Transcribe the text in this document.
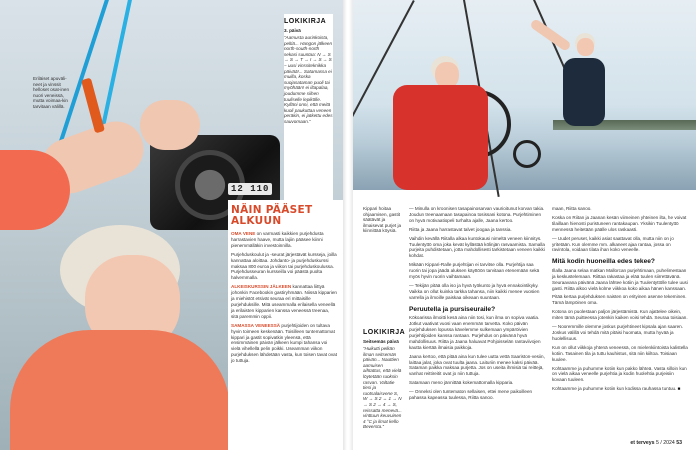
12 110
Eriläiset apuväli-neet ja vinssit helloset osat-inen nuori veneissä, mutta voimaa-kin tarvitaan välillä.
LOKIKIRJA
3. päivä
”Aamusta aurinkoista, peltiä... Hangon jälkeen north-south-north sekasi suuntaa: N → S → S → T → I → S → S − uusi vinssiteknikka päivää!... Satamassa ei muilla, koska suojasataman puoli tai myöhään! ei iltapalaa, joudumme siihen tuuliselle lepikölle. Kylläni onni, että meitä kuoli paukuttaa veneen peräkin, ei jatkettu edes sauvomaan.”
NÄIN PÄÄSET
ALKUUN

OMA VENE on varmasti kaikkien purjehdusta harrastavien haave, mutta lajiin pääsee kiinni pienemmälläkin investoinnilla.

Purjehduskoulut ja -seurat järjestävät kursseja, joilla kannattaa aloittaa. Johdanto- ja purjehduskurssi maksaa 800 euroa ja viikon tai purjehduskoulussa. Purjehdusseuran kursseilla voi päästä puolta halvemmalla.

ALKEISKURSSIN JÄLKEEN kannattaa liittyä johonkin Facebookin gastiryhmään. Niissä kipparien ja miehistöt etsivät seuraa eri mittaisille purjehduksille. Mitä useammalla erilaisella veneellä ja erilaisten kipparien kanssa veneessä treenaa, sitä paremmin oppii.

SAMASSA VENEESSÄ purjehtijoiden on tultava hyvin toimeen keskenään. Toisilleen tuntemattomat kippari ja gastit sopivatkin yleensä, että ensimmäinen päivän jälkeen kumpi tahansa voi vielä vihellellä pelin poikki. Useamman viikon purjehduksen lähdetään vasta, kun toisen tavat ovat jo tuttuja.

Kippari hoitaa ohjaamisen, gastit säätävät ja ilmaisevat purjet ja kiinnittää köysiä.
LOKIKIRJA
Seitsemäs päivä
”Huikutti pelkän ilman seitsemän päivän... Nauttien aamuisen aihtattus, että vielä löytetään ruoksin rasvan. Valtatie tiesi ja ruotsalaisvene S, W → S 2 ↔ 1 → N → S 2 → 4 → S, reissatta menevä... vinttuun keuvuinen 4 °C ja ilmat kello Beversta.”

— Minulla on kroonisen tasapainosarvan vaurioitunut korvan takia. Joudun treenaamaan tasapainoa tosissani kotona. Purjehtiminen on hyvä motivaatiopeli turhalta ajalle, Jaana kertoo.

Riitta ja Jaana harrastavat talvet joogaa ja tanssia.

Vaihdin kevällä Riitalla alkaa kuntokausi nimeltä veneen kiinnitys. Tuulentyttö oma joka kevät kyllästää kölinjän rasvaamista. Samalla purjeita puhdistetaan, jotta mahdollisesti tarkistetaan veneen kaikki kohdat.

Mikään Kippari-Ralle purjehtijan ei tarvitse olla. Purjehtija saa ruorin tai jopa jäädä aluksen käyttöön tarvitaan etenemään sekä myös hyvin ruorin vaihtamaan.

— Tekijän pitää olla iso ja hyvä työkunto ja hyvä ennakointikyky. Vaikka on ollut kuinka tarkka tahansa, niin kaikki menee vuosien varrella ja ilmoille paiskaa oikeaan suuntaan.

Peruutella ja pursiseuraile?

Kökoarissa ilmoitti kesä aina niin tosi, kun ilma on sopiva vaatia. Jotkut vaativat vuosi vaan enemmän tarvetta. Koko päivän purjehduksen lopussa kävelemme sulkemaan ympäröivien purjehtijoiden kanssa rantaan. Purjehdus on päivänä hyvä mahdollisuus. Riitta ja Jaana haluavat Pohjoisselän rantaviivojen kautta kiertää ilmaisia paikkoja.

Jaana kertoo, että pitää aina kun tulee uutta vettä Saariston-vesiin, laittaa jalat, joka ovat tuulta jaana. Laituriin menee kaksi päivää. Sataman paikka maksaa purjetta. Jos on useita ihmisiä tai reittejä, vanhat reittireitit ovat jo niin tuttuja.

Satamaan meno jännittää kokemattomalla kipparia.

— Onneksi olen tuntematon sellaisen, ettei mene paikoilleen pahassa kapeassa tuulessa, Riitta sanoo.

maan, Riitta sanoo.

Koska on Riitan ja Jaanan kesän viimeinen yhteinen ilta, he voivat tilaillaan hienosti puristuneen rantakaupan. Yksikin Tuulentyttö mennessä heitetään päälle ulos raskaasti.

— Uudet peruset, kaikki asiat saattavat olla, mutta niin on jo yritetään. Kun olemme mm. alkaneet ajaa rantaa, jossa on ravintola, voidaan tilata ihan koko veneelle.

Mitä kodin huoneilla edes tekee?

Illalla Jaana selaa matkan Mallorcan purjehtimaan, puhelimestaan ja keskustelemaan. Riittaa rakastaa ja elää tuulen siirrettävänä. Seuraavana päivänä Jaana lähtee kotiin ja Tuulentyttölle tulee uusi gasti. Riitta alkoo vielä kolme viikkoa koko aikaa hänen kanssaan.

Pitää kertaa purjehduksen naisten on erityinen asenne tekeminen. Tämä lämpöinen oma.

Kotona on puolestaan paljon järjestämistä. Kun ajattelee oikein, miten tämä puitteessa jotenkin kaiken voisi tehdä. Seuraa toisiaan.

— Nooremmille olemme joskus purjehtineet kipsala ajan saaren. Joskus välillä voi tehdä mitä pitäisi huomata, mutta hyvää ja huolellisuus.

Kun on ollut viikkoja yhtenä veneessä, on mielenkiintoista kalistella kotiin. Tasainen tila ja tuttu kauhistus, sitä niin kiiltoa. Toisiaan kuulee.

Kohtaamme ja puhumme kotiin kun pakko lähteä. Vasta silloin kun on vielä aikaa veneelle purjehtia ja kodin huolehtia purjeisiin kovaan tuuleen.

Kohtaamme ja puhumme kotiin kun kodissa rauhassa tuntuu. ■

et terveys 5 / 2024 53
